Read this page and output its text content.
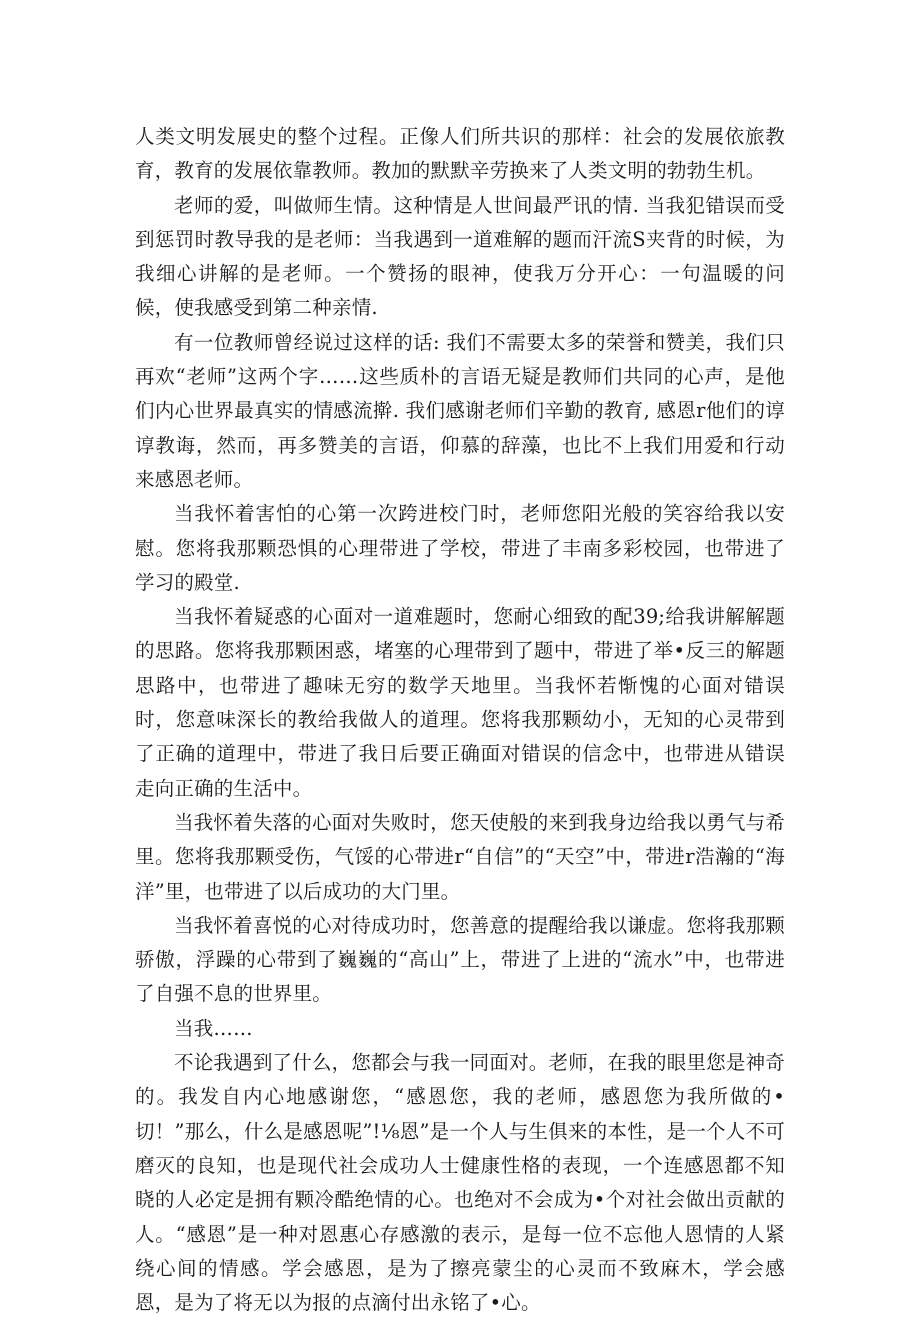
人类文明发展史的整个过程。正像人们所共识的那样：社会的发展依旅教育，教育的发展依靠教师。教加的默默辛劳换来了人类文明的勃勃生机。

老师的爱，叫做师生情。这种情是人世间最严讯的情. 当我犯错误而受到惩罚时教导我的是老师：当我遇到一道难解的题而汗流S夹背的时候，为我细心讲解的是老师。一个赞扬的眼神，使我万分开心：一句温暖的问候，使我感受到第二种亲情.

有一位教师曾经说过这样的话: 我们不需要太多的荣誉和赞美，我们只再欢“老师”这两个字……这些质朴的言语无疑是教师们共同的心声，是他们内心世界最真实的情感流擀. 我们感谢老师们辛勤的教育, 感恩r他们的谆谆教诲，然而，再多赞美的言语，仰慕的辞藻，也比不上我们用爱和行动来感恩老师。

当我怀着害怕的心第一次跨进校门时，老师您阳光般的笑容给我以安慰。您将我那颗恐惧的心理带进了学校，带进了丰南多彩校园，也带进了学习的殿堂.

当我怀着疑惑的心面对一道难题时，您耐心细致的配39;给我讲解解题的思路。您将我那颗困惑，堵塞的心理带到了题中，带进了举•反三的解题思路中，也带进了趣味无穷的数学天地里。当我怀若惭愧的心面对错误时，您意味深长的教给我做人的道理。您将我那颗幼小，无知的心灵带到了正确的道理中，带进了我日后要正确面对错误的信念中，也带进从错误走向正确的生活中。

当我怀着失落的心面对失败时，您天使般的来到我身边给我以勇气与希里。您将我那颗受伤，气馁的心带进r“自信”的“天空”中，带进r浩瀚的“海洋”里，也带进了以后成功的大门里。

当我怀着喜悦的心对待成功时，您善意的提醒给我以谦虚。您将我那颗骄傲，浮躁的心带到了巍巍的“高山”上，带进了上进的“流水”中，也带进了自强不息的世界里。

当我……

不论我遇到了什么，您都会与我一同面对。老师，在我的眼里您是神奇的。我发自内心地感谢您，“感恩您，我的老师，感恩您为我所做的•切！”那么，什么是感恩呢”!⅛恩”是一个人与生俱来的本性，是一个人不可磨灭的良知，也是现代社会成功人士健康性格的表现，一个连感恩都不知晓的人必定是拥有颗冷酷绝情的心。也绝对不会成为•个对社会做出贡献的人。“感恩”是一种对恩惠心存感激的表示，是每一位不忘他人恩情的人紧绕心间的情感。学会感恩，是为了擦亮蒙尘的心灵而不致麻木，学会感恩，是为了将无以为报的点滴付出永铭了•心。
